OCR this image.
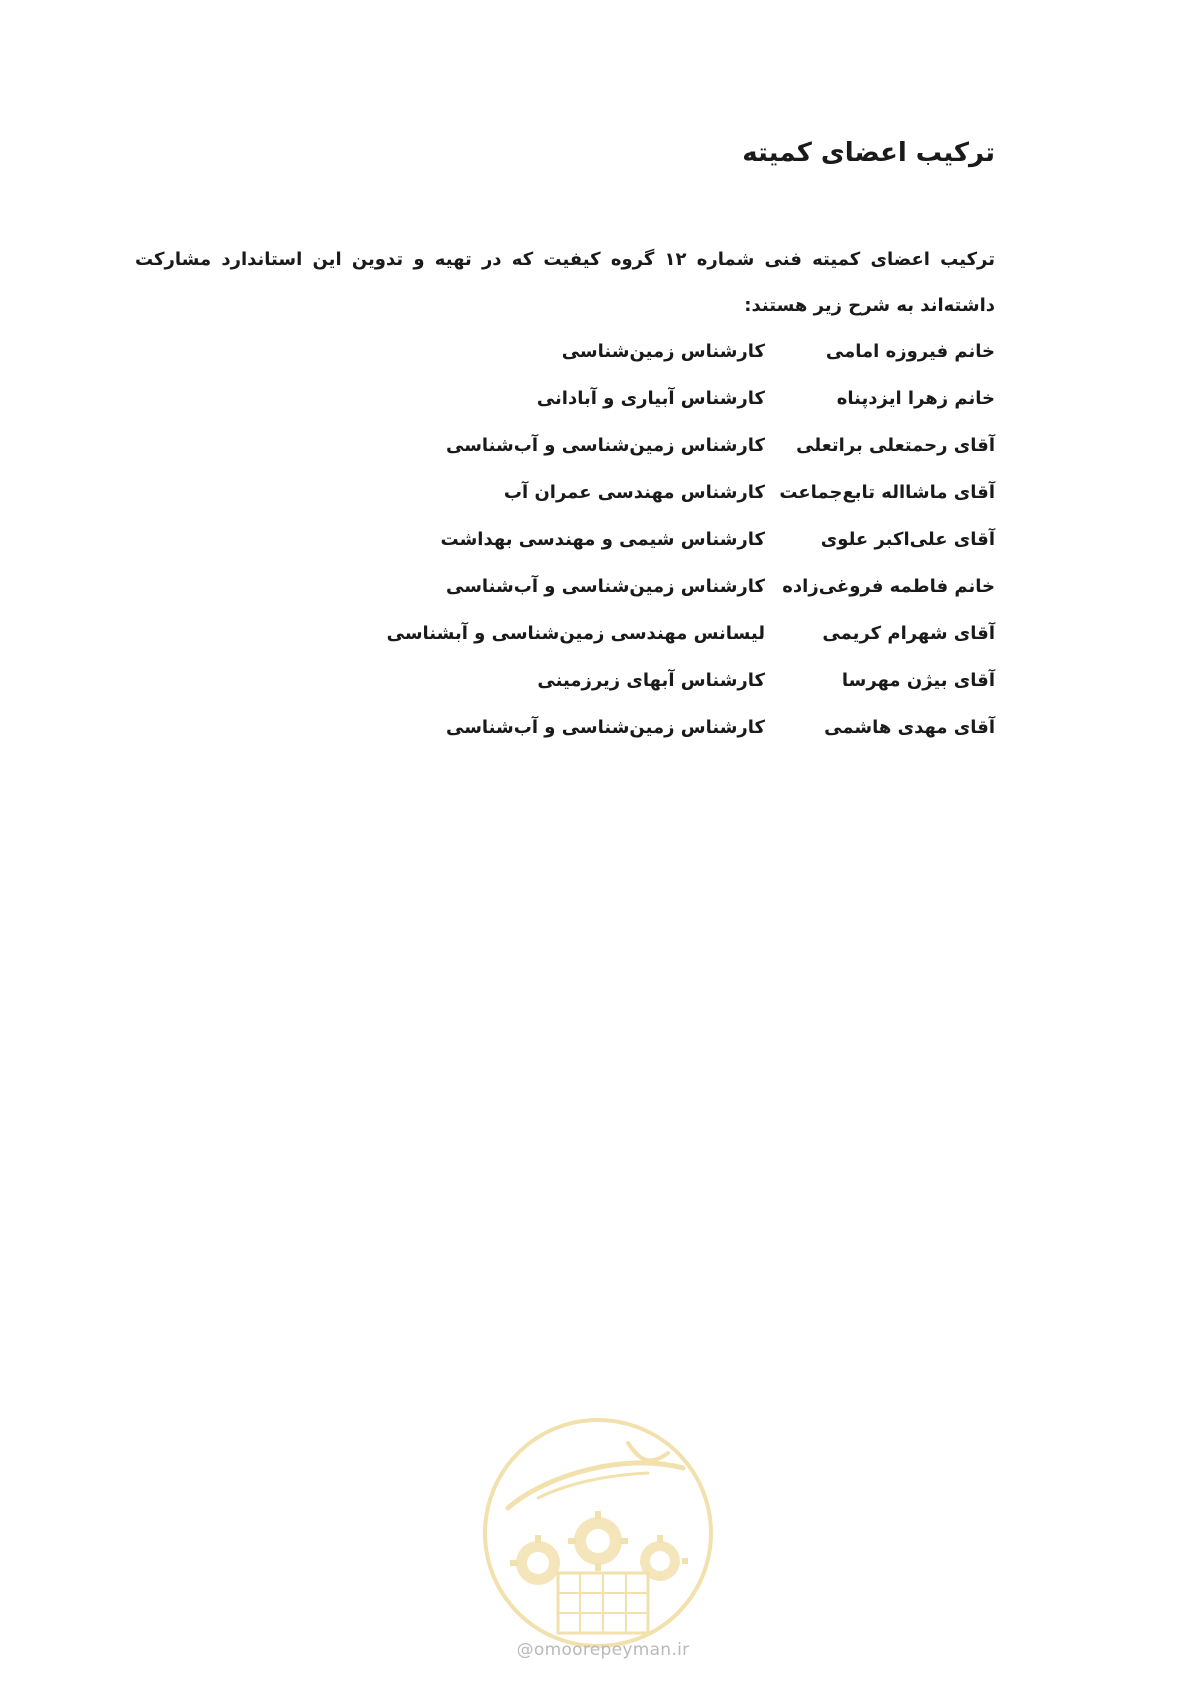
ترکیب اعضای کمیته

ترکیب اعضای کمیته فنی شماره ۱۲ گروه کیفیت که در تهیه و تدوین این استاندارد مشارکت داشته‌اند به شرح زیر هستند:

خانم فیروزه امامی
کارشناس زمین‌شناسی
خانم زهرا ایزدپناه
کارشناس آبیاری و آبادانی
آقای رحمتعلی براتعلی
کارشناس زمین‌شناسی و آب‌شناسی
آقای ماشااله تابع‌جماعت
کارشناس مهندسی عمران آب
آقای علی‌اکبر علوی
کارشناس شیمی و مهندسی بهداشت
خانم فاطمه فروغی‌زاده
کارشناس زمین‌شناسی و آب‌شناسی
آقای شهرام کریمی
لیسانس مهندسی زمین‌شناسی و آبشناسی
آقای بیژن مهرسا
کارشناس آبهای زیرزمینی
آقای مهدی هاشمی
کارشناس زمین‌شناسی و آب‌شناسی
@omoorepeyman.ir
